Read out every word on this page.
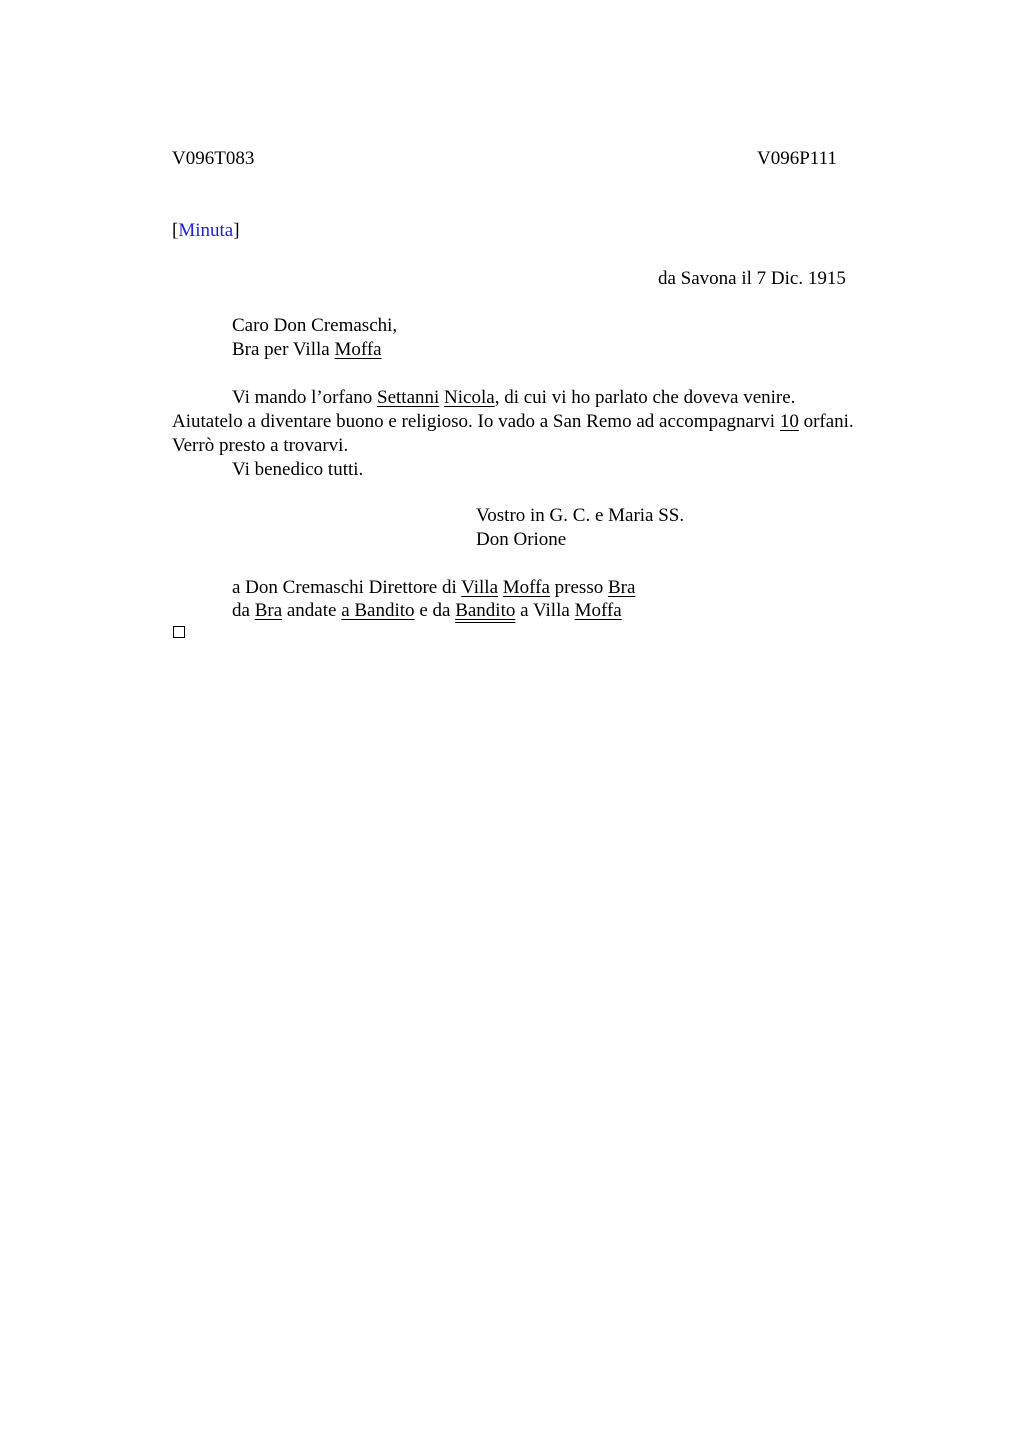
V096T083	V096P111
[Minuta]
da Savona il 7 Dic. 1915
Caro Don Cremaschi,
Bra per Villa Moffa
Vi mando l’orfano Settanni Nicola, di cui vi ho parlato che doveva venire.
Aiutatelo a diventare buono e religioso. Io vado a San Remo ad accompagnarvi 10 orfani.
Verrò presto a trovarvi.
Vi benedico tutti.
Vostro in G. C. e Maria SS.
Don Orione
a Don Cremaschi Direttore di Villa Moffa presso Bra
da Bra andate a Bandito e da Bandito a Villa Moffa
